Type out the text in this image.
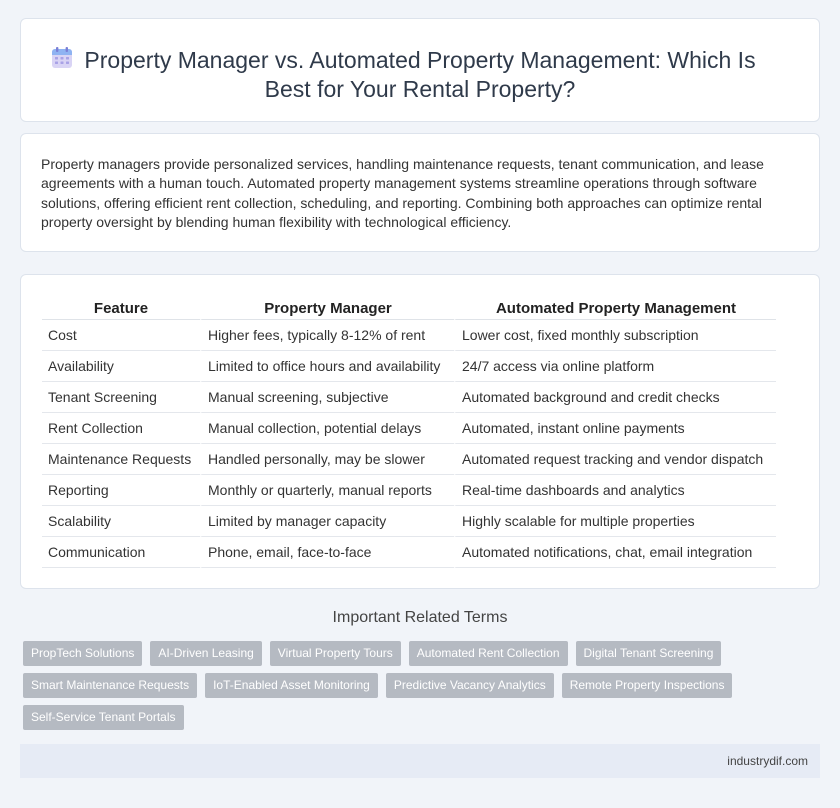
Property Manager vs. Automated Property Management: Which Is
Best for Your Rental Property?

Property managers provide personalized services, handling maintenance requests, tenant communication, and lease agreements with a human touch. Automated property management systems streamline operations through software solutions, offering efficient rent collection, scheduling, and reporting. Combining both approaches can optimize rental property oversight by blending human flexibility with technological efficiency.

Feature	Property Manager	Automated Property Management
Cost	Higher fees, typically 8-12% of rent	Lower cost, fixed monthly subscription
Availability	Limited to office hours and availability	24/7 access via online platform
Tenant Screening	Manual screening, subjective	Automated background and credit checks
Rent Collection	Manual collection, potential delays	Automated, instant online payments
Maintenance Requests	Handled personally, may be slower	Automated request tracking and vendor dispatch
Reporting	Monthly or quarterly, manual reports	Real-time dashboards and analytics
Scalability	Limited by manager capacity	Highly scalable for multiple properties
Communication	Phone, email, face-to-face	Automated notifications, chat, email integration
Important Related Terms
PropTech Solutions	AI-Driven Leasing	Virtual Property Tours	Automated Rent Collection	Digital Tenant Screening
Smart Maintenance Requests	IoT-Enabled Asset Monitoring	Predictive Vacancy Analytics	Remote Property Inspections
Self-Service Tenant Portals
industrydif.com
